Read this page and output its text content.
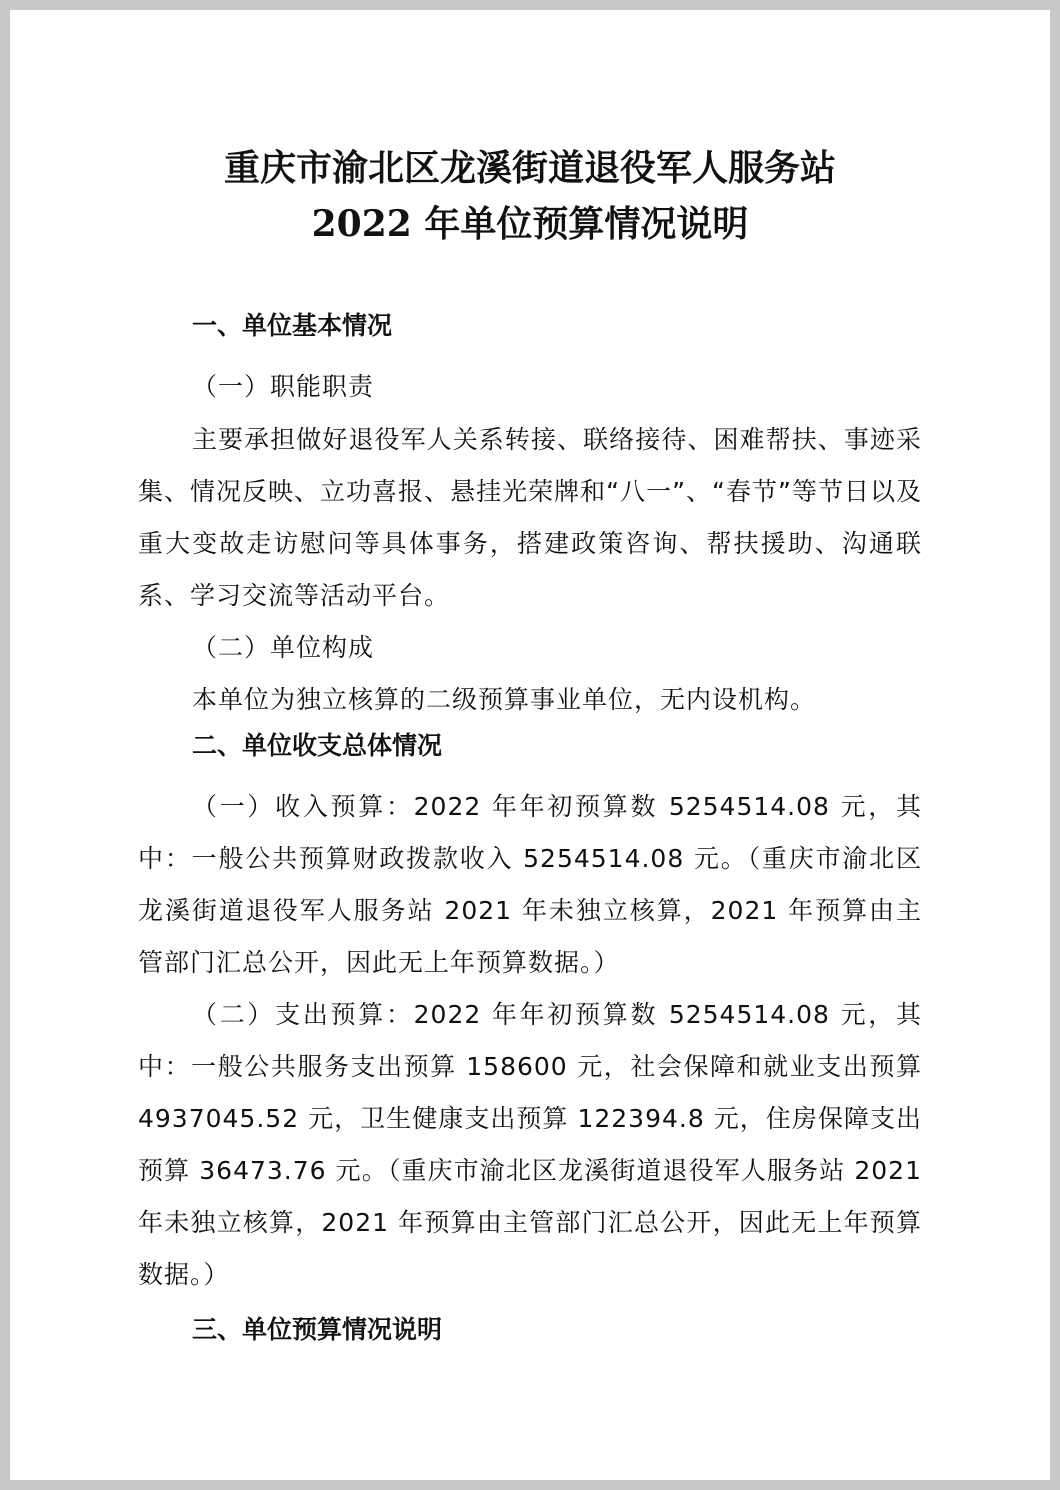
重庆市渝北区龙溪街道退役军人服务站
2022 年单位预算情况说明
一、单位基本情况
（一）职能职责
主要承担做好退役军人关系转接、联络接待、困难帮扶、事迹采集、情况反映、立功喜报、悬挂光荣牌和“八一”、“春节”等节日以及重大变故走访慰问等具体事务，搭建政策咨询、帮扶援助、沟通联系、学习交流等活动平台。
（二）单位构成
本单位为独立核算的二级预算事业单位，无内设机构。
二、单位收支总体情况
（一）收入预算：2022 年年初预算数 5254514.08 元，其中：一般公共预算财政拨款收入 5254514.08 元。（重庆市渝北区龙溪街道退役军人服务站 2021 年未独立核算，2021 年预算由主管部门汇总公开，因此无上年预算数据。）
（二）支出预算：2022 年年初预算数 5254514.08 元，其中：一般公共服务支出预算 158600 元，社会保障和就业支出预算 4937045.52 元，卫生健康支出预算 122394.8 元，住房保障支出预算 36473.76 元。（重庆市渝北区龙溪街道退役军人服务站 2021 年未独立核算，2021 年预算由主管部门汇总公开，因此无上年预算数据。）
三、单位预算情况说明
